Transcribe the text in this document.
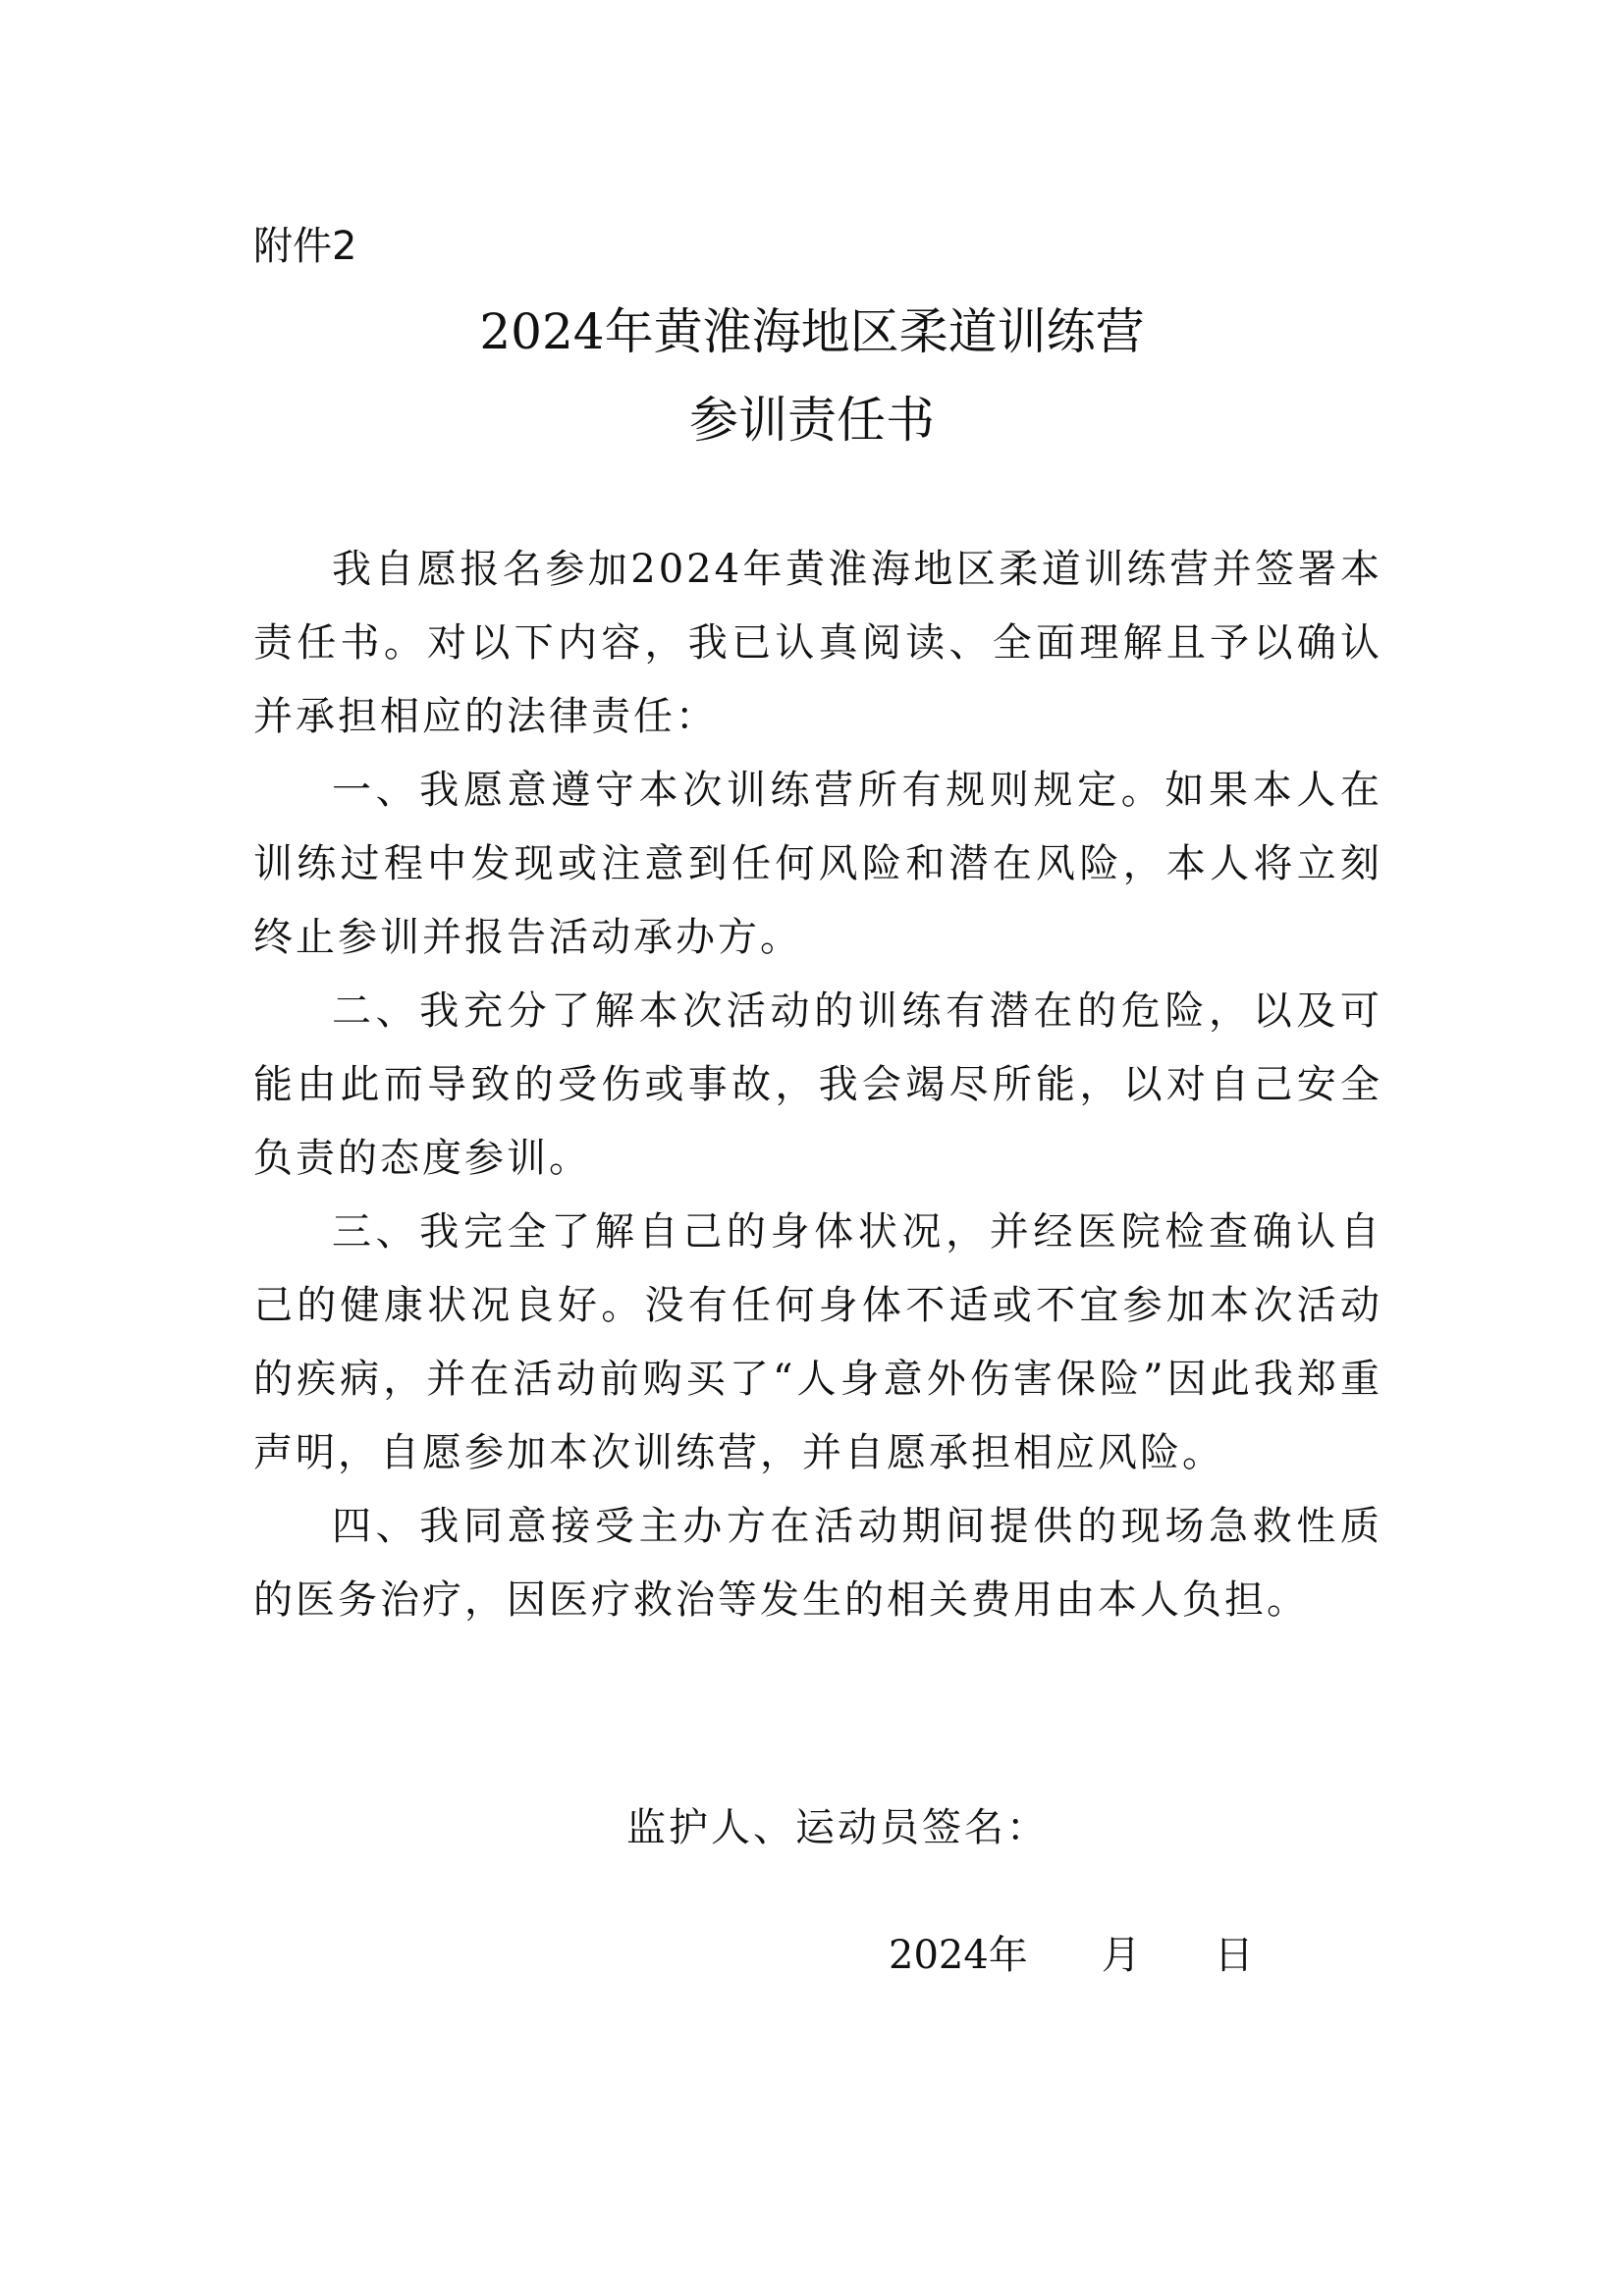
附件2
2024年黄淮海地区柔道训练营
参训责任书

我自愿报名参加2024年黄淮海地区柔道训练营并签署本责任书。对以下内容，我已认真阅读、全面理解且予以确认并承担相应的法律责任：

一、我愿意遵守本次训练营所有规则规定。如果本人在训练过程中发现或注意到任何风险和潜在风险，本人将立刻终止参训并报告活动承办方。

二、我充分了解本次活动的训练有潜在的危险，以及可能由此而导致的受伤或事故，我会竭尽所能，以对自己安全负责的态度参训。

三、我完全了解自己的身体状况，并经医院检查确认自己的健康状况良好。没有任何身体不适或不宜参加本次活动的疾病，并在活动前购买了“人身意外伤害保险”因此我郑重声明，自愿参加本次训练营，并自愿承担相应风险。

四、我同意接受主办方在活动期间提供的现场急救性质的医务治疗，因医疗救治等发生的相关费用由本人负担。

监护人、运动员签名：
2024年 月 日
